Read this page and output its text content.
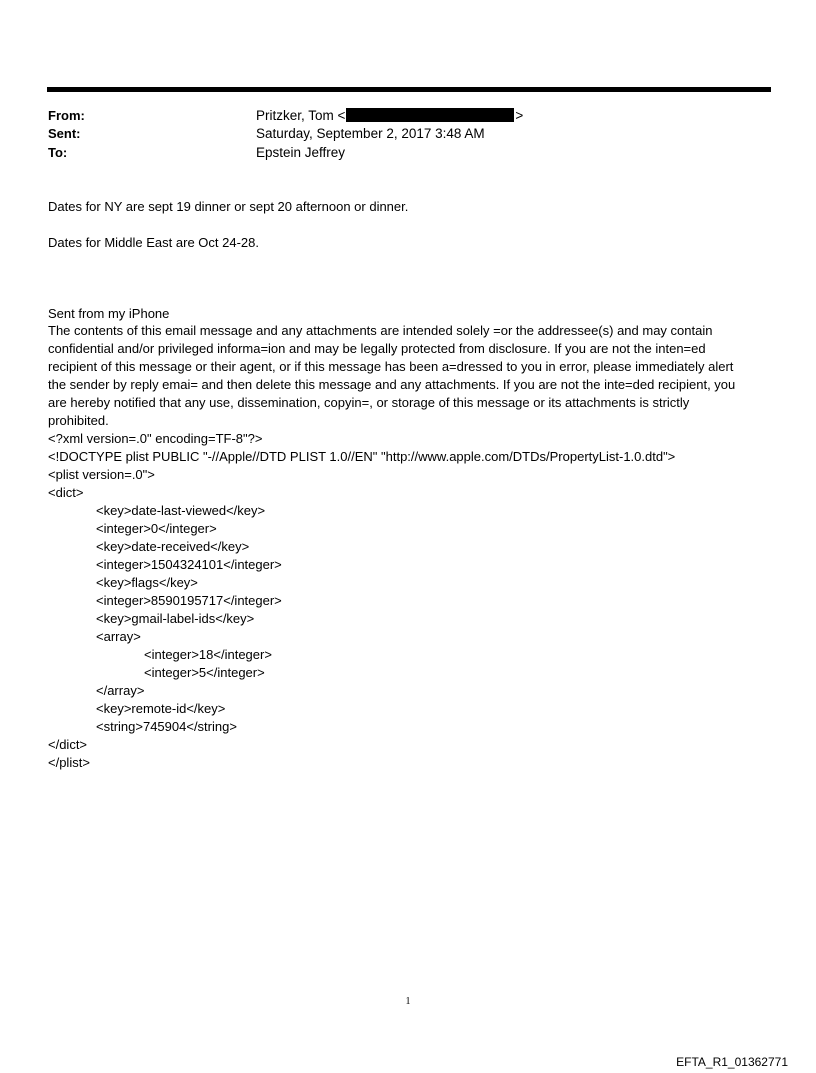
From:	Pritzker, Tom <	>
Sent:	Saturday, September 2, 2017 3:48 AM
To:	Epstein Jeffrey
Dates for NY are sept 19 dinner or sept 20 afternoon or dinner.
Dates for Middle East are Oct 24-28.
Sent from my iPhone
The contents of this email message and any attachments are intended solely =or the addressee(s) and may contain
confidential and/or privileged informa=ion and may be legally protected from disclosure. If you are not the inten=ed
recipient of this message or their agent, or if this message has been a=dressed to you in error, please immediately alert
the sender by reply emai= and then delete this message and any attachments. If you are not the inte=ded recipient, you
are hereby notified that any use, dissemination, copyin=, or storage of this message or its attachments is strictly
prohibited.
<?xml version=.0" encoding=TF-8"?>
<!DOCTYPE plist PUBLIC "-//Apple//DTD PLIST 1.0//EN" "http://www.apple.com/DTDs/PropertyList-1.0.dtd">
<plist version=.0">
<dict>
<key>date-last-viewed</key>
<integer>0</integer>
<key>date-received</key>
<integer>1504324101</integer>
<key>flags</key>
<integer>8590195717</integer>
<key>gmail-label-ids</key>
<array>
<integer>18</integer>
<integer>5</integer>
</array>
<key>remote-id</key>
<string>745904</string>
</dict>
</plist>
1
EFTA_R1_01362771
